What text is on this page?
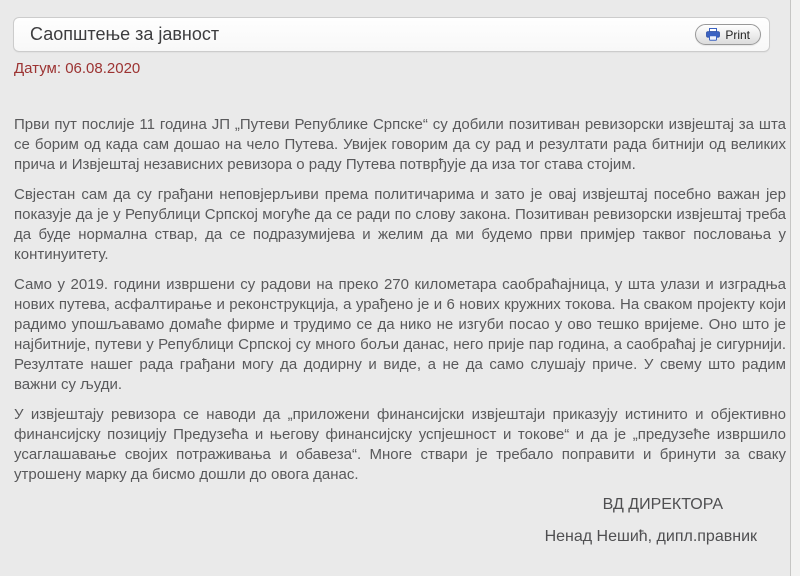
Саопштење за јавност	Print
Датум: 06.08.2020

Први пут послије 11 година ЈП „Путеви Републике Српске“ су добили позитиван ревизорски извјештај за шта се борим од када сам дошао на чело Путева. Увијек говорим да су рад и резултати рада битнији од великих прича и Извјештај независних ревизора о раду Путева потврђује да иза тог става стојим.

Свјестан сам да су грађани неповјерљиви према политичарима и зато је овај извјештај посебно важан јер показује да је у Републици Српској могуће да се ради по слову закона. Позитиван ревизорски извјештај треба да буде нормална ствар, да се подразумијева и желим да ми будемо први примјер таквог пословања у континуитету.

Само у 2019. години извршени су радови на преко 270 километара саобраћајница, у шта улази и изградња нових путева, асфалтирање и реконструкција, а урађено је и 6 нових кружних токова. На сваком пројекту који радимо упошљавамо домаће фирме и трудимо се да нико не изгуби посао у ово тешко вријеме. Оно што је најбитније, путеви у Републици Српској су много бољи данас, него прије пар година, а саобраћај је сигурнији. Резултате нашег рада грађани могу да додирну и виде, а не да само слушају приче. У свему што радим важни су људи.

У извјештају ревизора се наводи да „приложени финансијски извјештаји приказују истинито и објективно финансијску позицију Предузећа и његову финансијску успјешност и токове“ и да је „предузеће извршило усаглашавање својих потраживања и обавеза“. Многе ствари је требало поправити и бринути за сваку утрошену марку да бисмо дошли до овога данас.

ВД ДИРЕКТОРА
Ненад Нешић, дипл.правник
